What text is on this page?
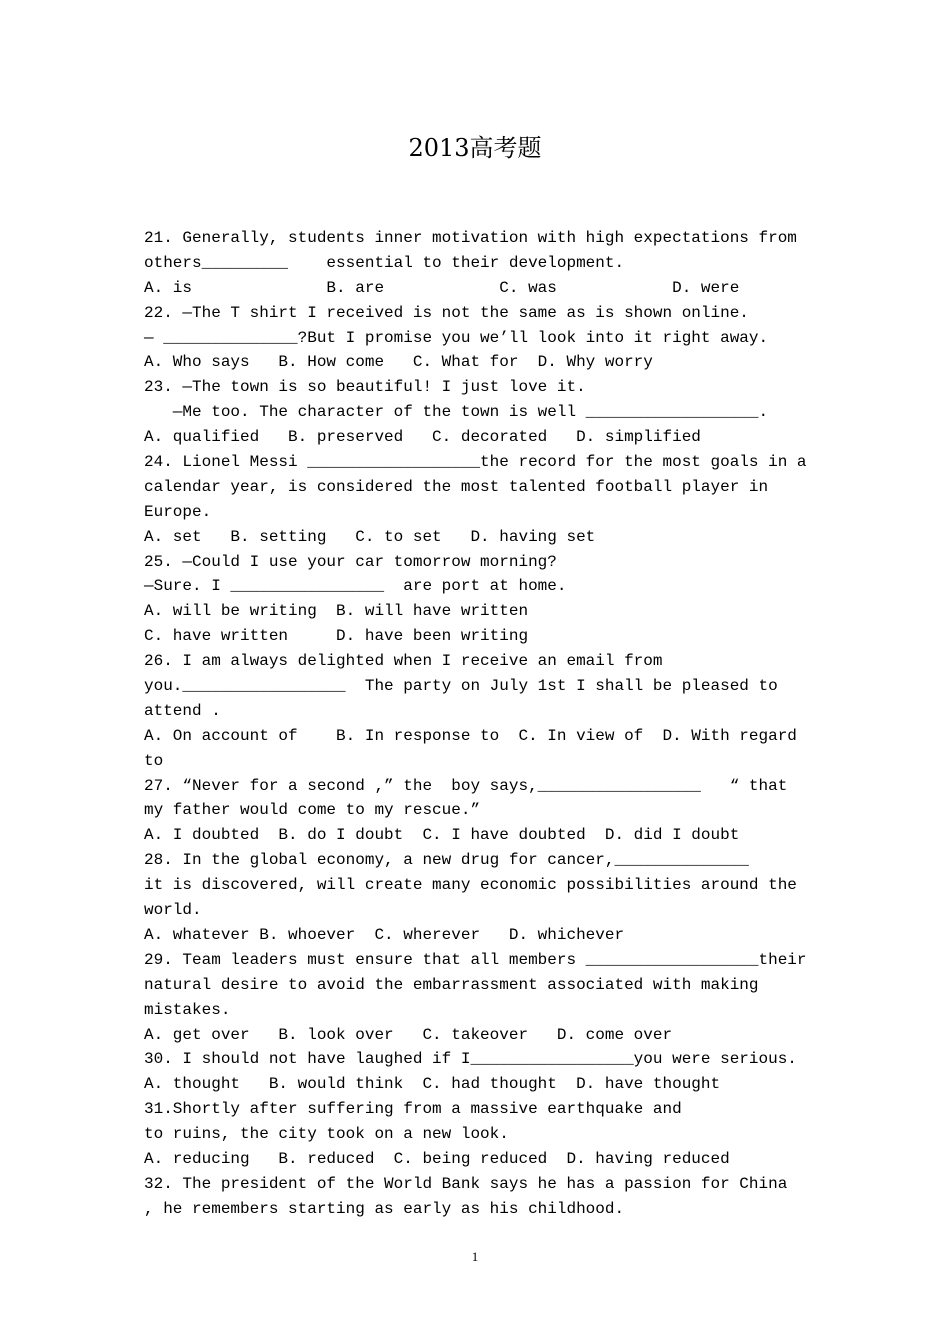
2013高考题
21. Generally, students inner motivation with high expectations from
others_________    essential to their development.
A. is              B. are            C. was            D. were
22. —The T shirt I received is not the same as is shown online.
— ______________?But I promise you we’ll look into it right away.
A. Who says   B. How come   C. What for  D. Why worry
23. —The town is so beautiful! I just love it.
—Me too. The character of the town is well __________________.
A. qualified   B. preserved   C. decorated   D. simplified
24. Lionel Messi __________________the record for the most goals in a
calendar year, is considered the most talented football player in
Europe.
A. set   B. setting   C. to set   D. having set
25. —Could I use your car tomorrow morning?
—Sure. I ________________  are port at home.
A. will be writing  B. will have written
C. have written     D. have been writing
26. I am always delighted when I receive an email from
you._________________  The party on July 1st I shall be pleased to
attend .
A. On account of    B. In response to  C. In view of  D. With regard
to
27. “Never for a second ,” the  boy says,_________________   “ that
my father would come to my rescue.”
A. I doubted  B. do I doubt  C. I have doubted  D. did I doubt
28. In the global economy, a new drug for cancer,______________
it is discovered, will create many economic possibilities around the
world.
A. whatever B. whoever  C. wherever   D. whichever
29. Team leaders must ensure that all members __________________their
natural desire to avoid the embarrassment associated with making
mistakes.
A. get over   B. look over   C. takeover   D. come over
30. I should not have laughed if I_________________you were serious.
A. thought   B. would think  C. had thought  D. have thought
31.Shortly after suffering from a massive earthquake and
to ruins, the city took on a new look.
A. reducing   B. reduced  C. being reduced  D. having reduced
32. The president of the World Bank says he has a passion for China
, he remembers starting as early as his childhood.
1
